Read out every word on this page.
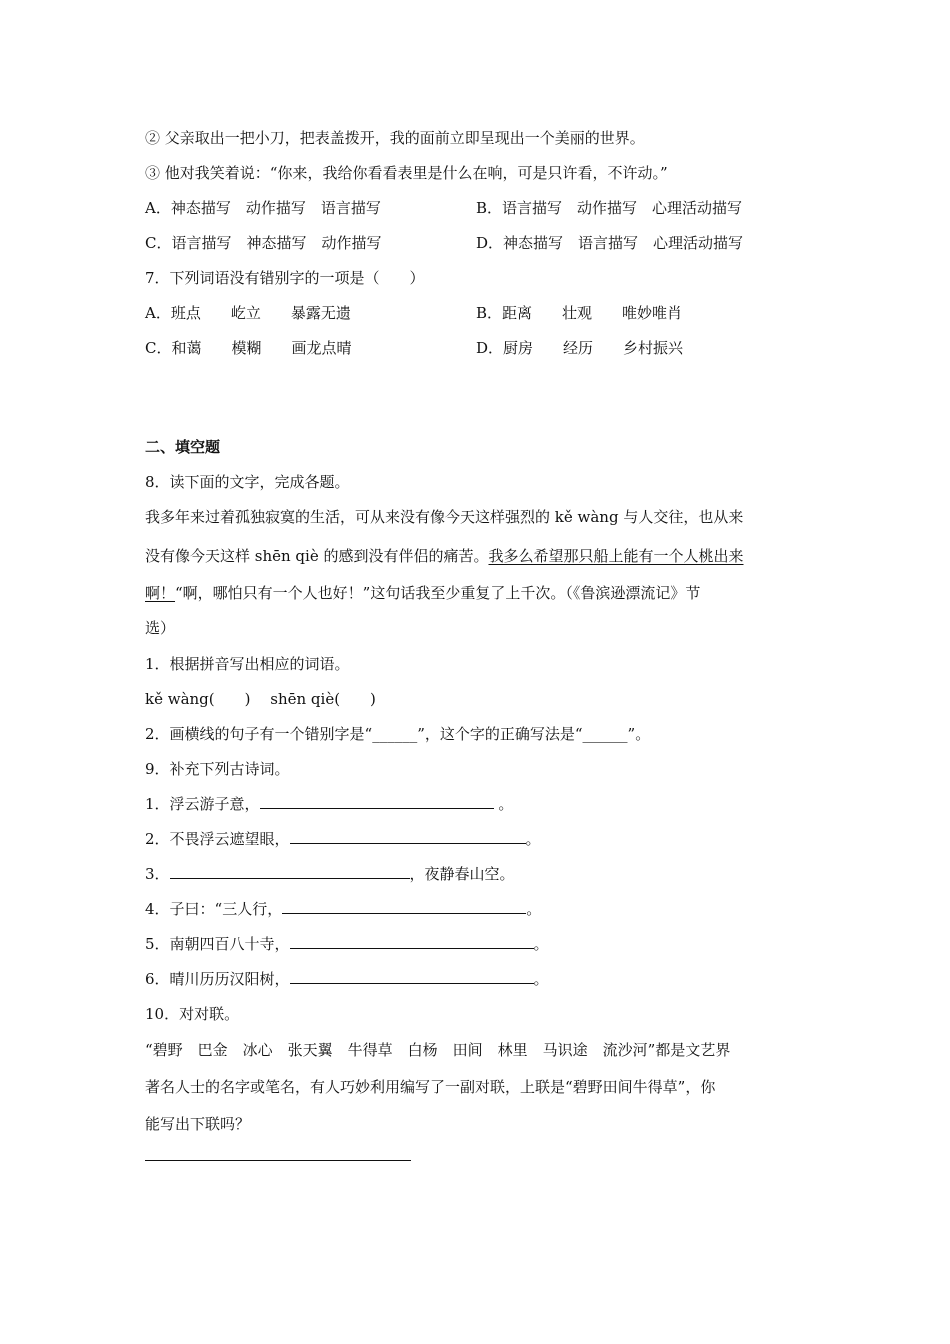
② 父亲取出一把小刀，把表盖拨开，我的面前立即呈现出一个美丽的世界。
③ 他对我笑着说：“你来，我给你看看表里是什么在响，可是只许看，不许动。”
A．神态描写　动作描写　语言描写	B．语言描写　动作描写　心理活动描写
C．语言描写　神态描写　动作描写	D．神态描写　语言描写　心理活动描写
7．下列词语没有错别字的一项是（　　）
A．班点　　屹立　　暴露无遗	B．距离　　壮观　　唯妙唯肖
C．和蔼　　模糊　　画龙点晴	D．厨房　　经历　　乡村振兴
二、填空题
8．读下面的文字，完成各题。
我多年来过着孤独寂寞的生活，可从来没有像今天这样强烈的 kě wàng 与人交往，也从来
没有像今天这样 shēn qiè 的感到没有伴侣的痛苦。我多么希望那只船上能有一个人桃出来
啊！“啊，哪怕只有一个人也好！”这句话我至少重复了上千次。（《鲁滨逊漂流记》节
选）
1．根据拼音写出相应的词语。
kě wàng(　　)　 shēn qiè(　　)
2．画横线的句子有一个错别字是“______”，这个字的正确写法是“______”。
9．补充下列古诗词。
1．浮云游子意，	。
2．不畏浮云遮望眼，	。
3．	，夜静春山空。
4．子曰：“三人行，	。
5．南朝四百八十寺，	。
6．晴川历历汉阳树，	。
10．对对联。
“碧野　巴金　冰心　张天翼　牛得草　白杨　田间　林里　马识途　流沙河”都是文艺界
著名人士的名字或笔名，有人巧妙利用编写了一副对联，上联是“碧野田间牛得草”，你
能写出下联吗？
